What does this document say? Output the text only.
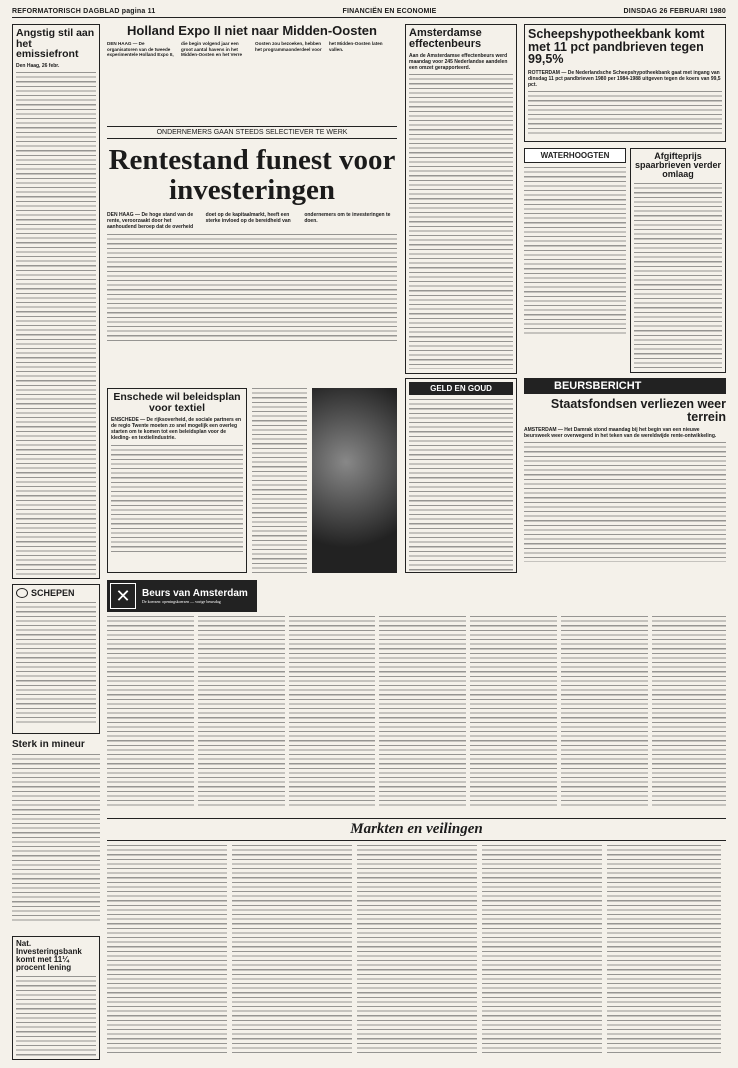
REFORMATORISCH DAGBLAD pagina 11	FINANCIËN EN ECONOMIE	DINSDAG 26 FEBRUARI 1980
Angstig stil aan het emissiefront
Den Haag, 26 febr.
SCHEPEN
Sterk in mineur
Nat. Investeringsbank komt met 11¼ procent lening
Holland Expo II niet naar Midden-Oosten
DEN HAAG — De organisatoren van de tweede experimentele Holland Expo II, die begin volgend jaar een groot aantal havens in het Midden-Oosten en het Verre Oosten zou bezoeken, hebben het programmaonderdeel voor het Midden-Oosten laten vallen.
ONDERNEMERS GAAN STEEDS SELECTIEVER TE WERK
Rentestand funest voor investeringen
DEN HAAG — De hoge stand van de rente, veroorzaakt door het aanhoudend beroep dat de overheid doet op de kapitaalmarkt, heeft een sterke invloed op de bereidheid van ondernemers om te investeringen te doen.
Enschede wil beleidsplan voor textiel
ENSCHEDE — De rijksoverheid, de sociale partners en de regio Twente moeten zo snel mogelijk een overleg starten om te komen tot een beleidsplan voor de kleding- en textielindustrie.
Amsterdamse effectenbeurs
Aan de Amsterdamse effectenbeurs werd maandag voor 245 Nederlandse aandelen een omzet gerapporteerd.
GELD EN GOUD
Scheepshypotheekbank komt met 11 pct pandbrieven tegen 99,5%
ROTTERDAM — De Nederlandsche Scheepshypotheekbank gaat met ingang van dinsdag 11 pct pandbrieven 1980 per 1984-1988 uitgeven tegen de koers van 99,5 pct.
WATERHOOGTEN	Afgifteprijs spaarbrieven verder omlaag
BEURSBERICHT
Staatsfondsen verliezen weer terrein
AMSTERDAM — Het Damrak stond maandag bij het begin van een nieuwe beursweek weer overwegend in het teken van de wereldwijde rente-ontwikkeling.
✕	Beurs van Amsterdam
De koersen: openingskoersen — vorige beursdag
Markten en veilingen
